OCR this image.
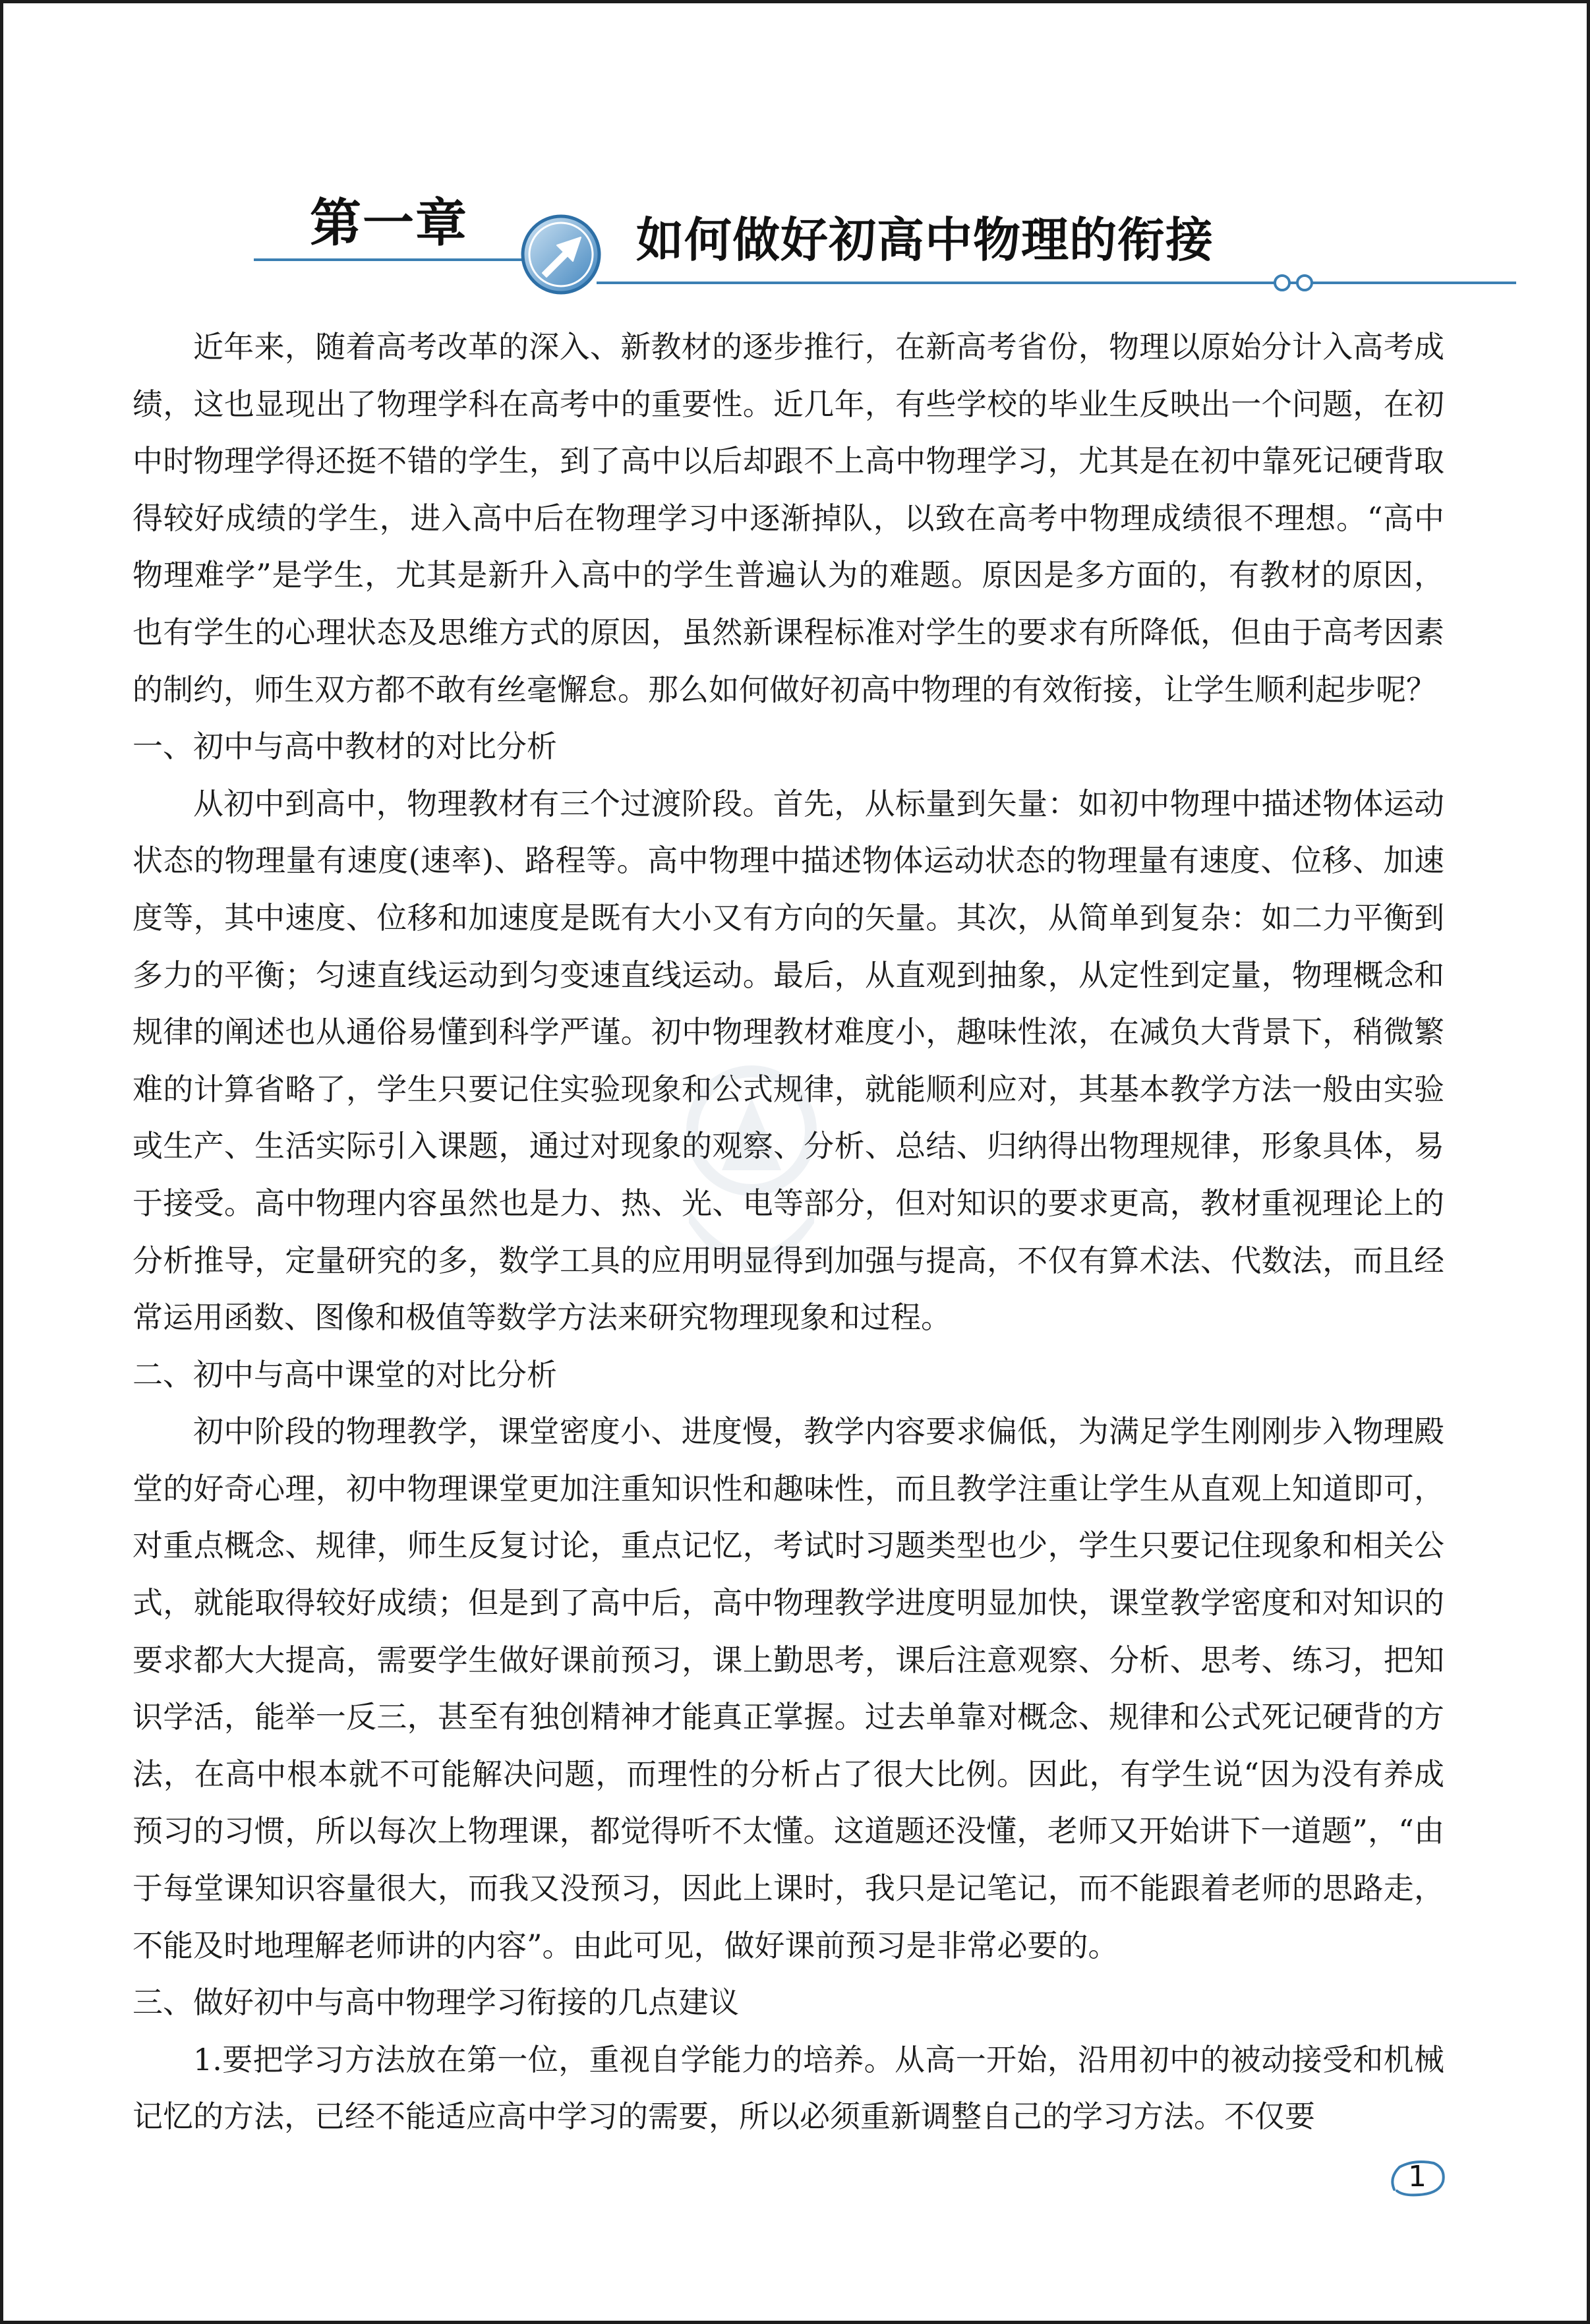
第一章	如何做好初高中物理的衔接

近年来，随着高考改革的深入、新教材的逐步推行，在新高考省份，物理以原始分计入高考成绩，这也显现出了物理学科在高考中的重要性。近几年，有些学校的毕业生反映出一个问题，在初中时物理学得还挺不错的学生，到了高中以后却跟不上高中物理学习，尤其是在初中靠死记硬背取得较好成绩的学生，进入高中后在物理学习中逐渐掉队，以致在高考中物理成绩很不理想。“高中物理难学”是学生，尤其是新升入高中的学生普遍认为的难题。原因是多方面的，有教材的原因，也有学生的心理状态及思维方式的原因，虽然新课程标准对学生的要求有所降低，但由于高考因素的制约，师生双方都不敢有丝毫懈怠。那么如何做好初高中物理的有效衔接，让学生顺利起步呢？

一、初中与高中教材的对比分析

从初中到高中，物理教材有三个过渡阶段。首先，从标量到矢量：如初中物理中描述物体运动状态的物理量有速度(速率)、路程等。高中物理中描述物体运动状态的物理量有速度、位移、加速度等，其中速度、位移和加速度是既有大小又有方向的矢量。其次，从简单到复杂：如二力平衡到多力的平衡；匀速直线运动到匀变速直线运动。最后，从直观到抽象，从定性到定量，物理概念和规律的阐述也从通俗易懂到科学严谨。初中物理教材难度小，趣味性浓，在减负大背景下，稍微繁难的计算省略了，学生只要记住实验现象和公式规律，就能顺利应对，其基本教学方法一般由实验或生产、生活实际引入课题，通过对现象的观察、分析、总结、归纳得出物理规律，形象具体，易于接受。高中物理内容虽然也是力、热、光、电等部分，但对知识的要求更高，教材重视理论上的分析推导，定量研究的多，数学工具的应用明显得到加强与提高，不仅有算术法、代数法，而且经常运用函数、图像和极值等数学方法来研究物理现象和过程。

二、初中与高中课堂的对比分析

初中阶段的物理教学，课堂密度小、进度慢，教学内容要求偏低，为满足学生刚刚步入物理殿堂的好奇心理，初中物理课堂更加注重知识性和趣味性，而且教学注重让学生从直观上知道即可，对重点概念、规律，师生反复讨论，重点记忆，考试时习题类型也少，学生只要记住现象和相关公式，就能取得较好成绩；但是到了高中后，高中物理教学进度明显加快，课堂教学密度和对知识的要求都大大提高，需要学生做好课前预习，课上勤思考，课后注意观察、分析、思考、练习，把知识学活，能举一反三，甚至有独创精神才能真正掌握。过去单靠对概念、规律和公式死记硬背的方法，在高中根本就不可能解决问题，而理性的分析占了很大比例。因此，有学生说“因为没有养成预习的习惯，所以每次上物理课，都觉得听不太懂。这道题还没懂，老师又开始讲下一道题”，“由于每堂课知识容量很大，而我又没预习，因此上课时，我只是记笔记，而不能跟着老师的思路走，不能及时地理解老师讲的内容”。由此可见，做好课前预习是非常必要的。

三、做好初中与高中物理学习衔接的几点建议

1.要把学习方法放在第一位，重视自学能力的培养。从高一开始，沿用初中的被动接受和机械记忆的方法，已经不能适应高中学习的需要，所以必须重新调整自己的学习方法。不仅要

1
